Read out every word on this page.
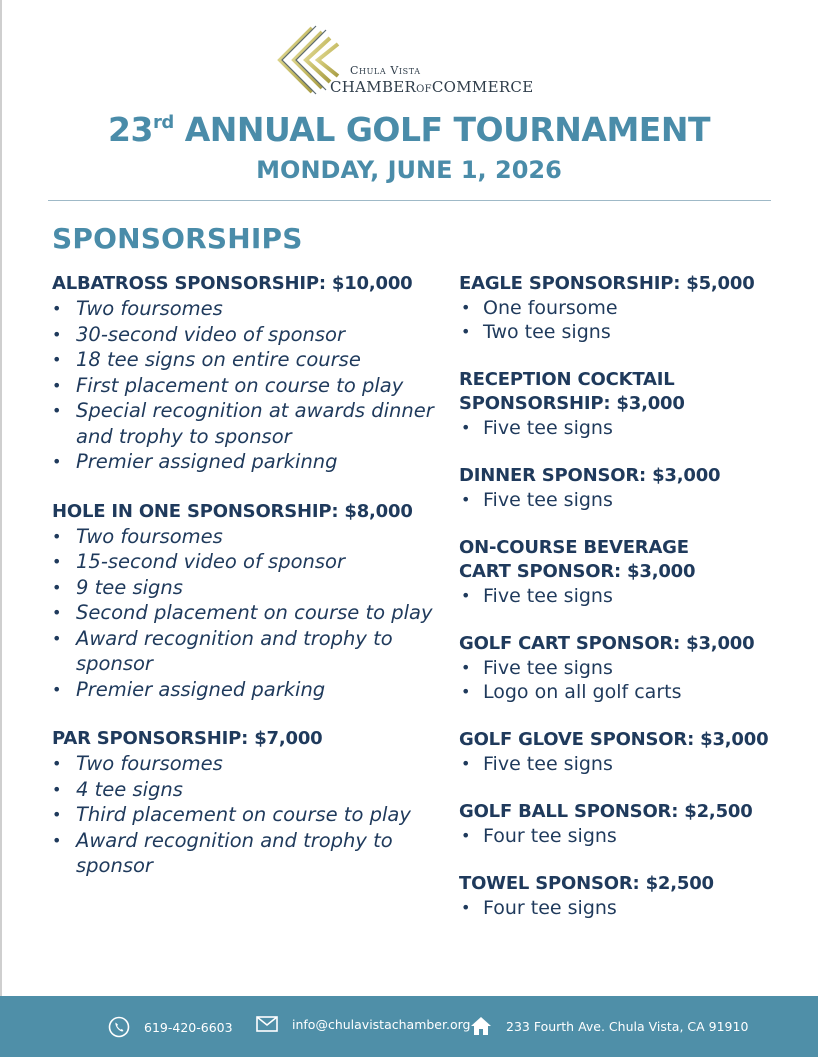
Chula Vista
CHAMBEROFCOMMERCE
23rd ANNUAL GOLF TOURNAMENT
MONDAY, JUNE 1, 2026
SPONSORSHIPS
ALBATROSS SPONSORSHIP: $10,000
• Two foursomes
• 30-second video of sponsor
• 18 tee signs on entire course
• First placement on course to play
• Special recognition at awards dinner and trophy to sponsor
• Premier assigned parkinng
HOLE IN ONE SPONSORSHIP: $8,000
• Two foursomes
• 15-second video of sponsor
• 9 tee signs
• Second placement on course to play
• Award recognition and trophy to sponsor
• Premier assigned parking
PAR SPONSORSHIP: $7,000
• Two foursomes
• 4 tee signs
• Third placement on course to play
• Award recognition and trophy to sponsor
EAGLE SPONSORSHIP: $5,000
• One foursome
• Two tee signs
RECEPTION COCKTAIL
SPONSORSHIP: $3,000
• Five tee signs
DINNER SPONSOR: $3,000
• Five tee signs
ON-COURSE BEVERAGE
CART SPONSOR: $3,000
• Five tee signs
GOLF CART SPONSOR: $3,000
• Five tee signs
• Logo on all golf carts
GOLF GLOVE SPONSOR: $3,000
• Five tee signs
GOLF BALL SPONSOR: $2,500
• Four tee signs
TOWEL SPONSOR: $2,500
• Four tee signs
619-420-6603	info@chulavistachamber.org	233 Fourth Ave. Chula Vista, CA 91910
